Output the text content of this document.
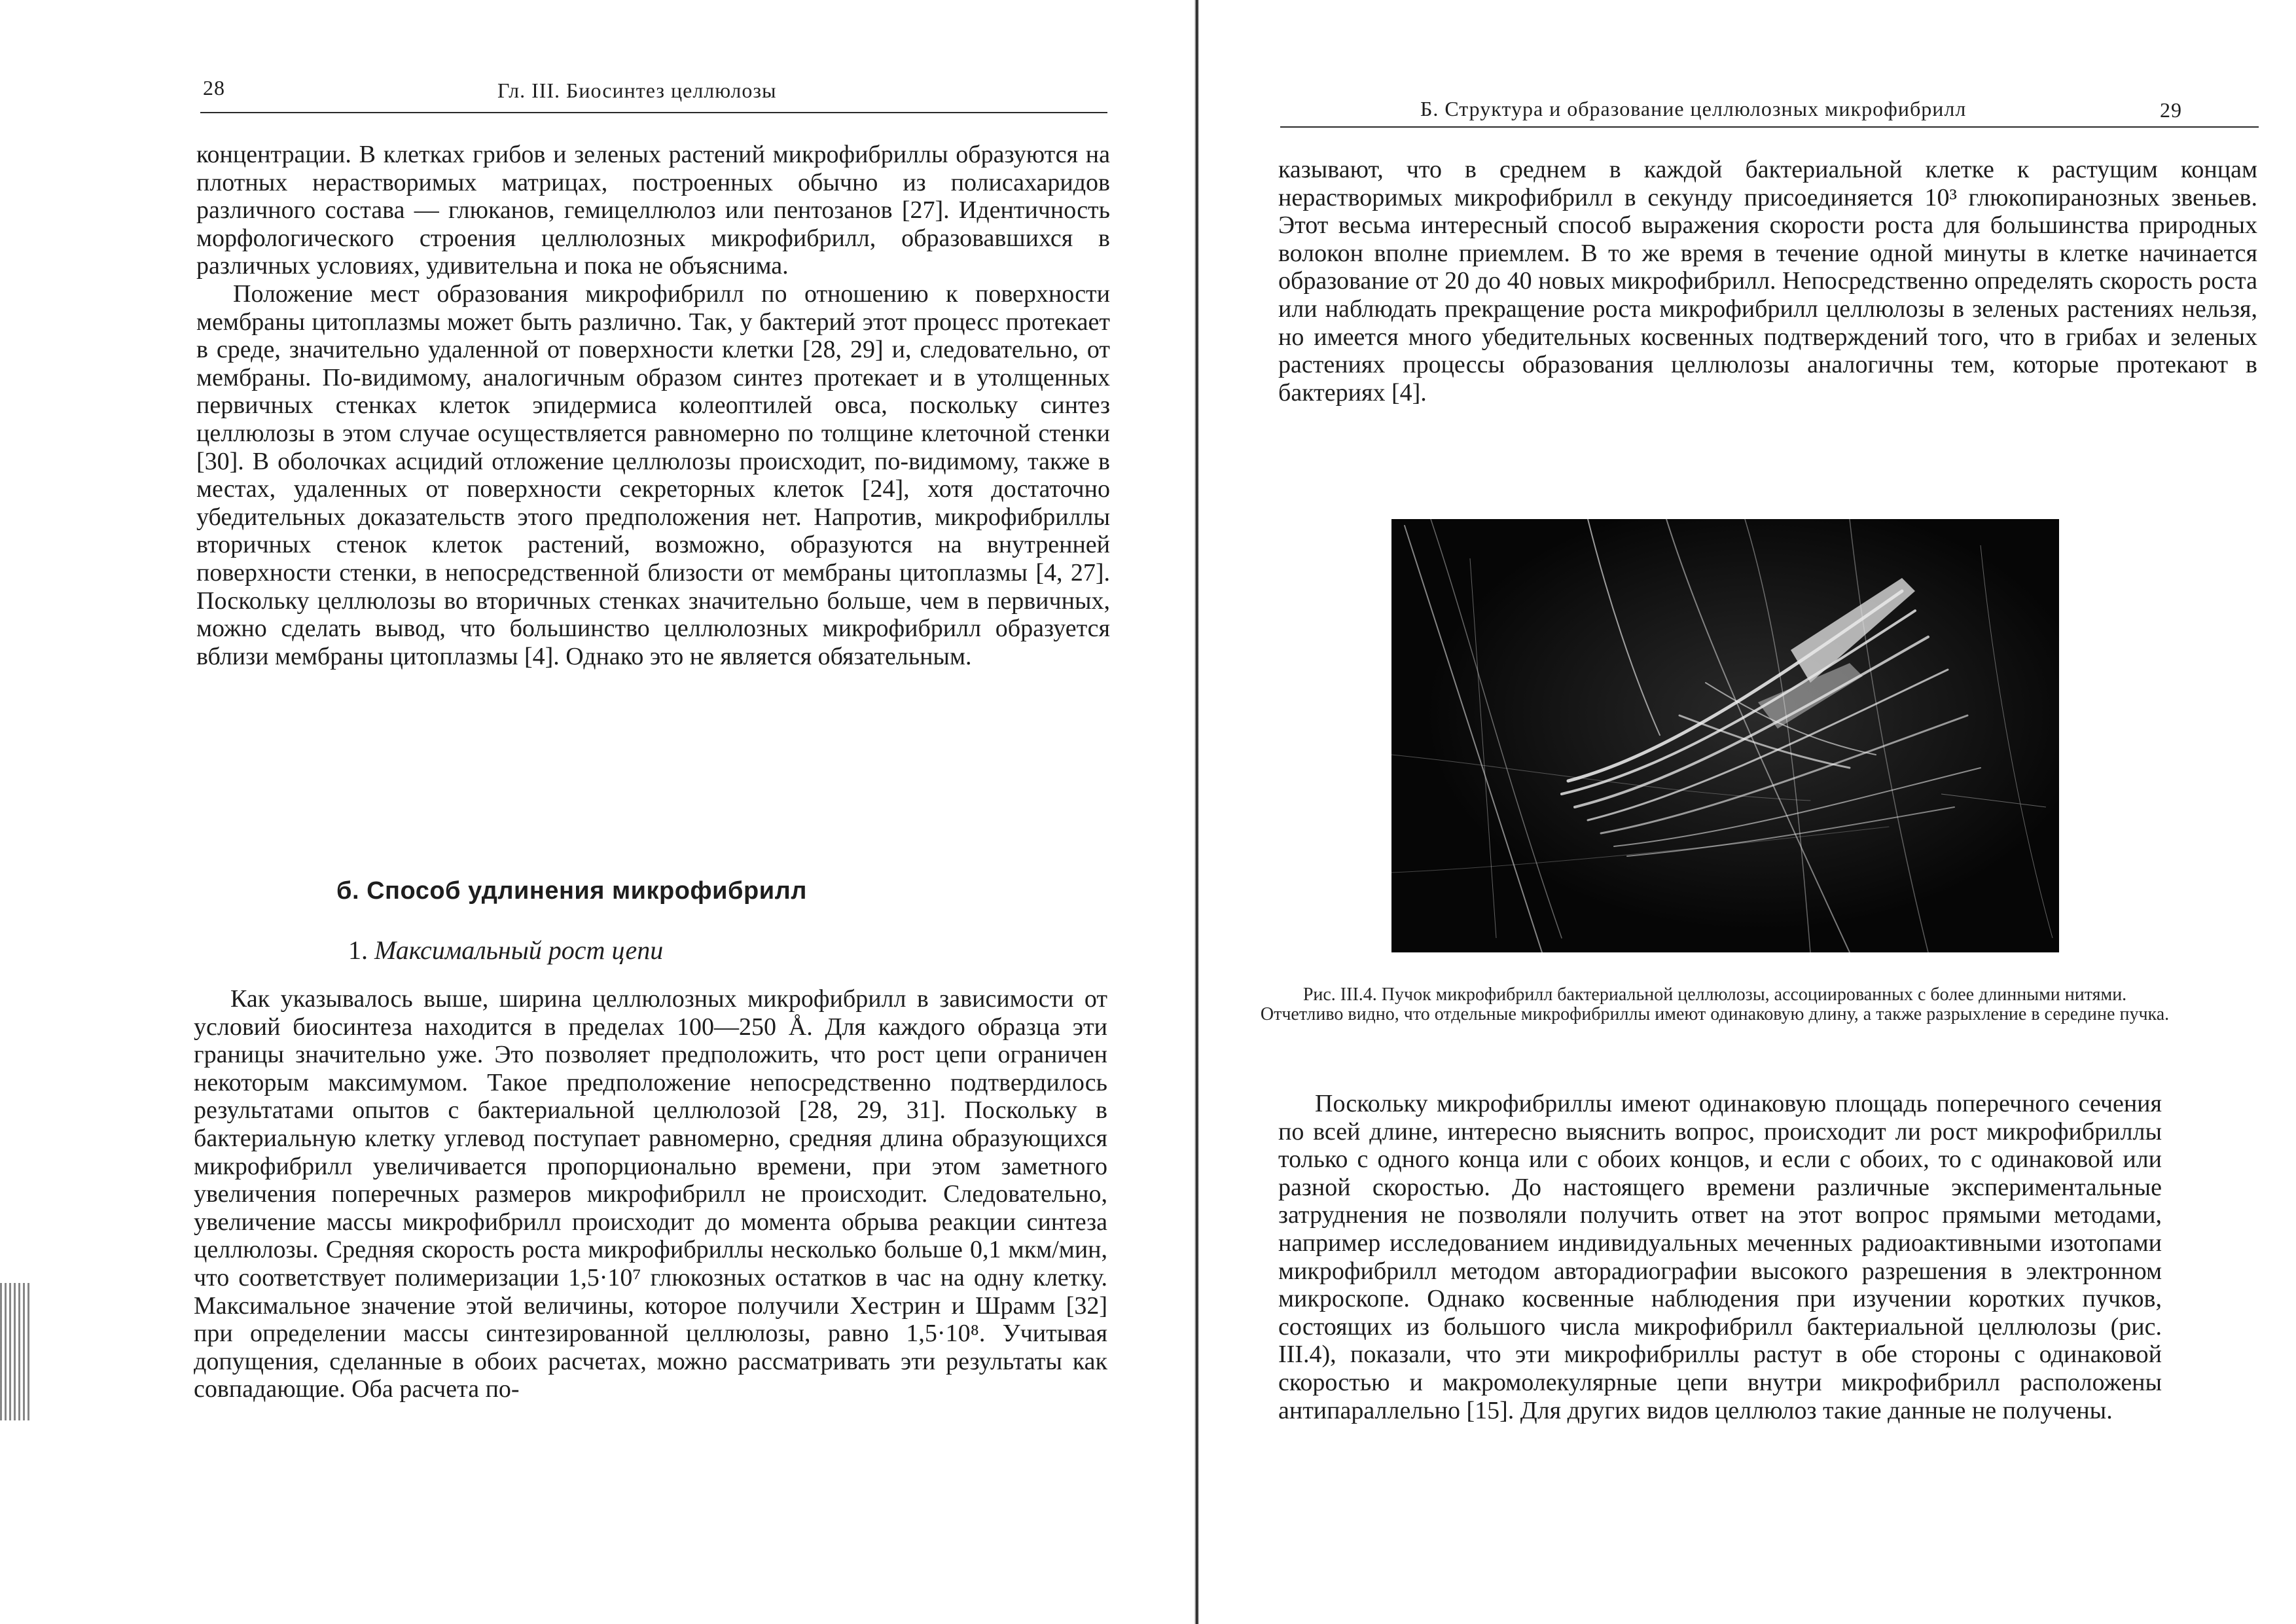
28	Гл. III. Биосинтез целлюлозы

концентрации. В клетках грибов и зеленых растений микрофибриллы образуются на плотных нерастворимых матрицах, построенных обычно из полисахаридов различного состава — глюканов, гемицеллюлоз или пентозанов [27]. Идентичность морфологического строения целлюлозных микрофибрилл, образовавшихся в различных условиях, удивительна и пока не объяснима.

Положение мест образования микрофибрилл по отношению к поверхности мембраны цитоплазмы может быть различно. Так, у бактерий этот процесс протекает в среде, значительно удаленной от поверхности клетки [28, 29] и, следовательно, от мембраны. По-видимому, аналогичным образом синтез протекает и в утолщенных первичных стенках клеток эпидермиса колеоптилей овса, поскольку синтез целлюлозы в этом случае осуществляется равномерно по толщине клеточной стенки [30]. В оболочках асцидий отложение целлюлозы происходит, по-видимому, также в местах, удаленных от поверхности секреторных клеток [24], хотя достаточно убедительных доказательств этого предположения нет. Напротив, микрофибриллы вторичных стенок клеток растений, возможно, образуются на внутренней поверхности стенки, в непосредственной близости от мембраны цитоплазмы [4, 27]. Поскольку целлюлозы во вторичных стенках значительно больше, чем в первичных, можно сделать вывод, что большинство целлюлозных микрофибрилл образуется вблизи мембраны цитоплазмы [4]. Однако это не является обязательным.

б. Способ удлинения микрофибрилл
1. Максимальный рост цепи
Как указывалось выше, ширина целлюлозных микрофибрилл в зависимости от условий биосинтеза находится в пределах 100—250 Å. Для каждого образца эти границы значительно уже. Это позволяет предположить, что рост цепи ограничен некоторым максимумом. Такое предположение непосредственно подтвердилось результатами опытов с бактериальной целлюлозой [28, 29, 31]. Поскольку в бактериальную клетку углевод поступает равномерно, средняя длина образующихся микрофибрилл увеличивается пропорционально времени, при этом заметного увеличения поперечных размеров микрофибрилл не происходит. Следовательно, увеличение массы микрофибрилл происходит до момента обрыва реакции синтеза целлюлозы. Средняя скорость роста микрофибриллы несколько больше 0,1 мкм/мин, что соответствует полимеризации 1,5·10⁷ глюкозных остатков в час на одну клетку. Максимальное значение этой величины, которое получили Хестрин и Шрамм [32] при определении массы синтезированной целлюлозы, равно 1,5·10⁸. Учитывая допущения, сделанные в обоих расчетах, можно рассматривать эти результаты как совпадающие. Оба расчета по-
Б. Структура и образование целлюлозных микрофибрилл	29
казывают, что в среднем в каждой бактериальной клетке к растущим концам нерастворимых микрофибрилл в секунду присоединяется 10³ глюкопиранозных звеньев. Этот весьма интересный способ выражения скорости роста для большинства природных волокон вполне приемлем. В то же время в течение одной минуты в клетке начинается образование от 20 до 40 новых микрофибрилл. Непосредственно определять скорость роста или наблюдать прекращение роста микрофибрилл целлюлозы в зеленых растениях нельзя, но имеется много убедительных косвенных подтверждений того, что в грибах и зеленых растениях процессы образования целлюлозы аналогичны тем, которые протекают в бактериях [4].
Рис. III.4. Пучок микрофибрилл бактериальной целлюлозы, ассоциированных с более длинными нитями. Отчетливо видно, что отдельные микрофибриллы имеют одинаковую длину, а также разрыхление в середине пучка.
Поскольку микрофибриллы имеют одинаковую площадь поперечного сечения по всей длине, интересно выяснить вопрос, происходит ли рост микрофибриллы только с одного конца или с обоих концов, и если с обоих, то с одинаковой или разной скоростью. До настоящего времени различные экспериментальные затруднения не позволяли получить ответ на этот вопрос прямыми методами, например исследованием индивидуальных меченных радиоактивными изотопами микрофибрилл методом авторадиографии высокого разрешения в электронном микроскопе. Однако косвенные наблюдения при изучении коротких пучков, состоящих из большого числа микрофибрилл бактериальной целлюлозы (рис. III.4), показали, что эти микрофибриллы растут в обе стороны с одинаковой скоростью и макромолекулярные цепи внутри микрофибрилл расположены антипараллельно [15]. Для других видов целлюлоз такие данные не получены.
